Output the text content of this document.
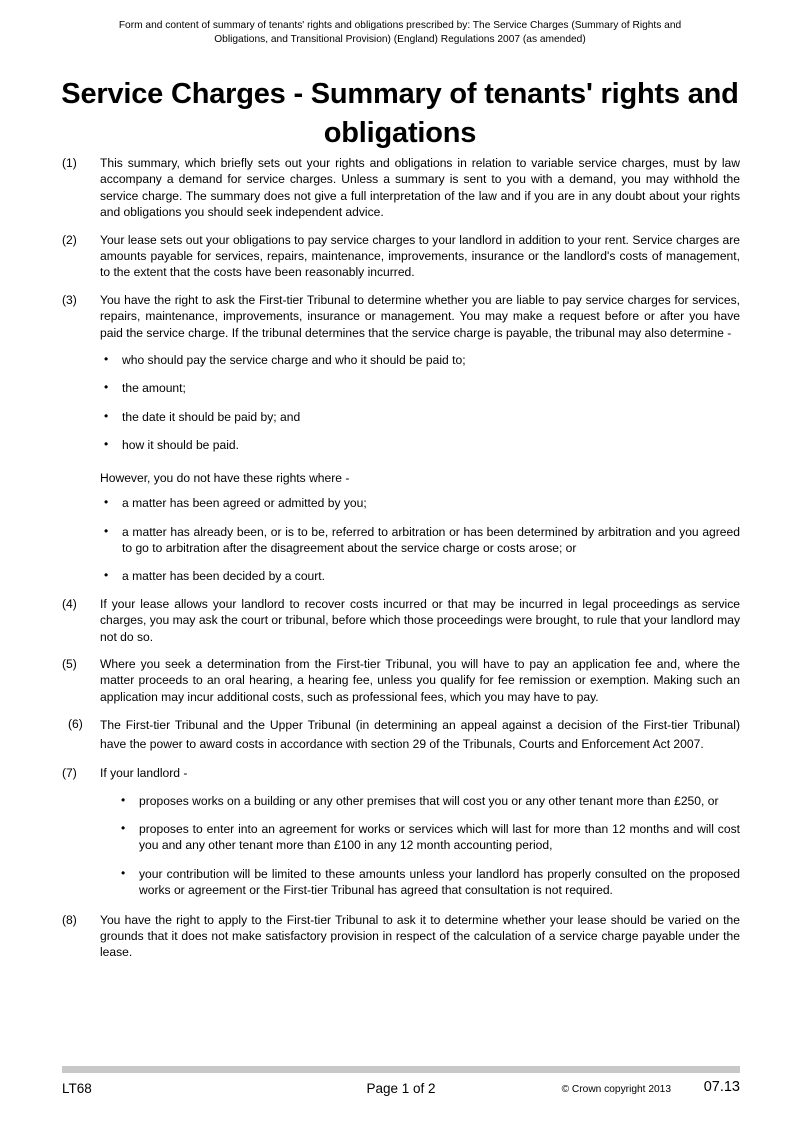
Form and content of summary of tenants' rights and obligations prescribed by: The Service Charges (Summary of Rights and Obligations, and Transitional Provision) (England) Regulations 2007 (as amended)
Service Charges - Summary of tenants' rights and obligations
(1)	This summary, which briefly sets out your rights and obligations in relation to variable service charges, must by law accompany a demand for service charges. Unless a summary is sent to you with a demand, you may withhold the service charge. The summary does not give a full interpretation of the law and if you are in any doubt about your rights and obligations you should seek independent advice.
(2)	Your lease sets out your obligations to pay service charges to your landlord in addition to your rent. Service charges are amounts payable for services, repairs, maintenance, improvements, insurance or the landlord's costs of management, to the extent that the costs have been reasonably incurred.
(3)	You have the right to ask the First-tier Tribunal to determine whether you are liable to pay service charges for services, repairs, maintenance, improvements, insurance or management. You may make a request before or after you have paid the service charge. If the tribunal determines that the service charge is payable, the tribunal may also determine -
• who should pay the service charge and who it should be paid to;
• the amount;
• the date it should be paid by; and
• how it should be paid.
However, you do not have these rights where -
• a matter has been agreed or admitted by you;
• a matter has already been, or is to be, referred to arbitration or has been determined by arbitration and you agreed to go to arbitration after the disagreement about the service charge or costs arose; or
• a matter has been decided by a court.
(4)	If your lease allows your landlord to recover costs incurred or that may be incurred in legal proceedings as service charges, you may ask the court or tribunal, before which those proceedings were brought, to rule that your landlord may not do so.
(5)	Where you seek a determination from the First-tier Tribunal, you will have to pay an application fee and, where the matter proceeds to an oral hearing, a hearing fee, unless you qualify for fee remission or exemption. Making such an application may incur additional costs, such as professional fees, which you may have to pay.
(6)	The First-tier Tribunal and the Upper Tribunal (in determining an appeal against a decision of the First-tier Tribunal) have the power to award costs in accordance with section 29 of the Tribunals, Courts and Enforcement Act 2007.
(7)	If your landlord -
• proposes works on a building or any other premises that will cost you or any other tenant more than £250, or
• proposes to enter into an agreement for works or services which will last for more than 12 months and will cost you and any other tenant more than £100 in any 12 month accounting period,
• your contribution will be limited to these amounts unless your landlord has properly consulted on the proposed works or agreement or the First-tier Tribunal has agreed that consultation is not required.
(8)	You have the right to apply to the First-tier Tribunal to ask it to determine whether your lease should be varied on the grounds that it does not make satisfactory provision in respect of the calculation of a service charge payable under the lease.
LT68	Page 1 of 2	© Crown copyright 2013 07.13
